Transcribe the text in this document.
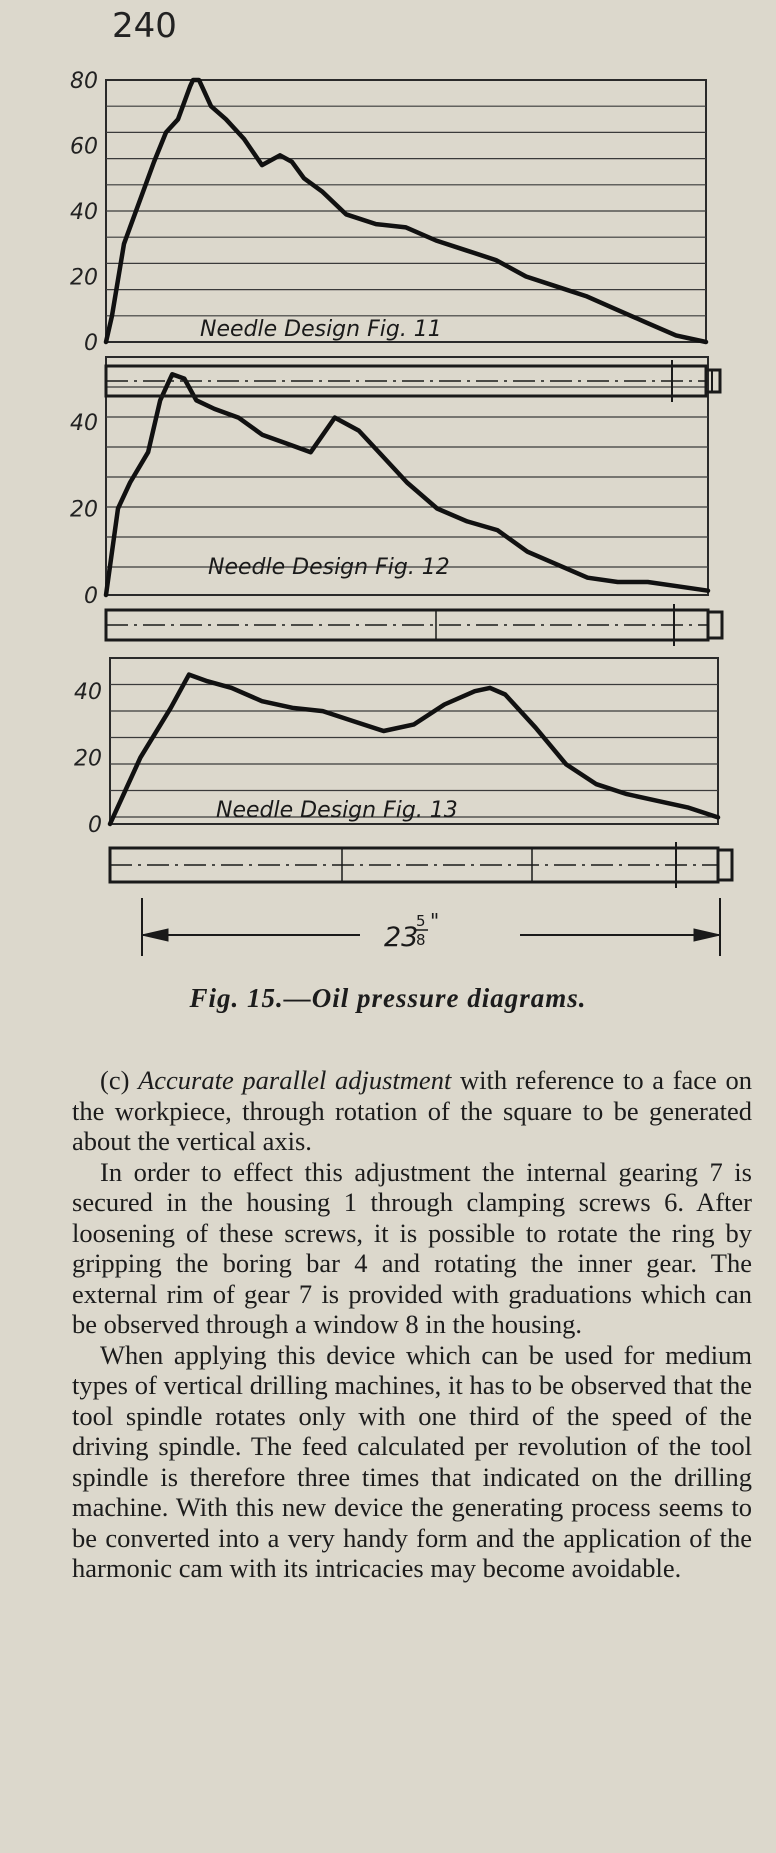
240
0
20
40
60
80
Needle Design Fig. 11
0
20
40
Needle Design Fig. 12
0
20
40
Needle Design Fig. 13
23
5
8
"
Fig. 15.—Oil pressure diagrams.

(c) Accurate parallel adjustment with reference to a face on the workpiece, through rotation of the square to be generated about the vertical axis.

In order to effect this adjustment the internal gearing 7 is secured in the housing 1 through clamping screws 6. After loosening of these screws, it is possible to rotate the ring by gripping the boring bar 4 and rotating the inner gear. The external rim of gear 7 is provided with graduations which can be observed through a window 8 in the housing.

When applying this device which can be used for medium types of vertical drilling machines, it has to be observed that the tool spindle rotates only with one third of the speed of the driving spindle. The feed calculated per revolution of the tool spindle is therefore three times that indicated on the drilling machine. With this new device the generating process seems to be converted into a very handy form and the application of the harmonic cam with its intricacies may become avoidable.
